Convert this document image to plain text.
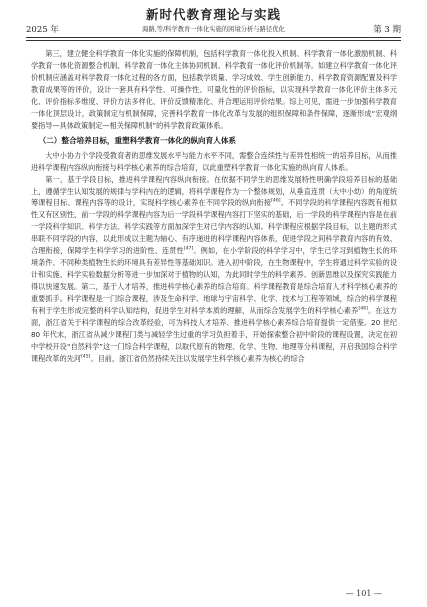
新时代教育理论与实践
2025 年	海路,等/科学教育一体化实施的困境分析与路径优化	第 3 期

第三，建立健全科学教育一体化实施的保障机制，包括科学教育一体化投入机制、科学教育一体化激励机制、科学教育一体化资源整合机制、科学教育一体化主体协同机制、科学教育一体化评价机制等。如建立科学教育一体化评价机制应涵盖对科学教育一体化过程的各方面，包括教学质量、学习成效、学生创新能力、科学教育资源配置及科学教育成果等的评价，设计一套具有科学性、可操作性、可量化性的评价指标，以实现科学教育一体化评价主体多元化、评价指标多维度、评价方法多样化、评价反馈精准化、并合理运用评价结果。综上可见，需进一步加强科学教育一体化顶层设计，政策制定与机制保障，完善科学教育一体化改革与发展的组织保障和条件保障，逐渐形成“宏观纲要指导—具体政策制定—相关保障机制”的科学教育政策体系。

（二）整合培养目标，重塑科学教育一体化的纵向育人体系

大中小协力个学段受教育者的思维发展水平与能力水平不同，需整合连续性与差异性相统一的培养目标，从而推进科学课程内容纵向衔接与科学核心素养的综合培育，以此重塑科学教育一体化实施的纵向育人体系。

第一，基于学段目标，推进科学课程内容纵向衔接。在依据不同学生的思维发展特性明确学段培养目标的基础上，遵循学生认知发展的规律与学科内在的逻辑，将科学课程作为一个整体规划，从垂直连贯（大中小幼）的角度统筹课程目标、课程内容等的设计，实现科学核心素养在不同学段的纵向衔接[46]。不同学段的科学课程内容既有相似性又有区别性，前一学段的科学课程内容为后一学段科学课程内容打下坚实的基础，后一学段的科学课程内容是在前一学段科学知识、科学方法、科学实践等方面加深学生对已学内容的认知。科学课程应根据学段目标，以主题的形式串联不同学段的内容，以此形成以主题为轴心、有序递进的科学课程内容体系，促进学段之间科学教育内容的有效、合理衔接，保障学生科学学习的进阶性、连贯性[47]。例如，在小学阶段的科学学习中，学生已学习到植物生长的环境条件、不同种类植物生长的环境具有差异性等基础知识。进入初中阶段，在生物课程中，学生将通过科学实验的设计和实施、科学实验数据分析等进一步加深对于植物的认知，为此同时学生的科学素养、创新思维以及探究实践能力得以快速发展。第二，基于人才培养，推进科学核心素养的综合培育。科学课程教育是综合培育人才科学核心素养的重要抓手。科学课程是一门综合课程，涉及生命科学、地球与宇宙科学、化学、技术与工程等领域，综合的科学课程有利于学生形成完整的科学认知结构，促进学生对科学本质的理解，从而综合发展学生的科学核心素养[48]。在这方面，浙江省关于科学课程的综合改革经验，可为科技人才培养、推进科学核心素养综合培育提供一定借鉴。20 世纪 80 年代末，浙江省从减少课程门类与减轻学生过重的学习负担着手，开始探索整合初中阶段的课程设置，决定在初中学校开设“自然科学”这一门综合科学课程，以取代原有的物理、化学、生物、地理等分科课程，开启我国综合科学课程改革的先河[45]。目前，浙江省仍然持续关注以发展学生科学核心素养为核心的综合

— 101 —
